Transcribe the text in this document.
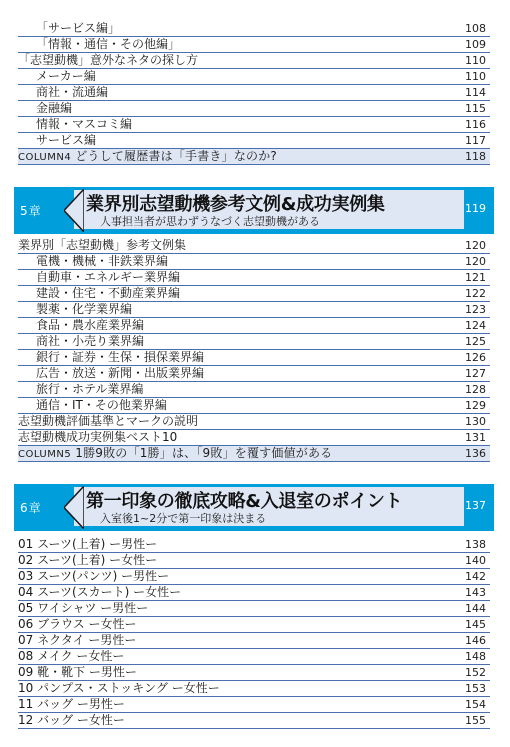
「サービス編」	108
「情報・通信・その他編」	109
「志望動機」意外なネタの探し方	110
メーカー編	110
商社・流通編	114
金融編	115
情報・マスコミ編	116
サービス編	117
COLUMN4 どうして履歴書は「手書き」なのか?	118
5章 業界別志望動機参考文例&成功実例集
人事担当者が思わずうなづく志望動機がある
119
業界別「志望動機」参考文例集	120
電機・機械・非鉄業界編	120
自動車・エネルギー業界編	121
建設・住宅・不動産業界編	122
製薬・化学業界編	123
食品・農水産業界編	124
商社・小売り業界編	125
銀行・証券・生保・損保業界編	126
広告・放送・新聞・出版業界編	127
旅行・ホテル業界編	128
通信・IT・その他業界編	129
志望動機評価基準とマークの説明	130
志望動機成功実例集ベスト10	131
COLUMN5 1勝9敗の「1勝」は、「9敗」を覆す価値がある	136
6章 第一印象の徹底攻略&入退室のポイント
入室後1~2分で第一印象は決まる
137
01 スーツ(上着) ー男性ー	138
02 スーツ(上着) ー女性ー	140
03 スーツ(パンツ) ー男性ー	142
04 スーツ(スカート) ー女性ー	143
05 ワイシャツ ー男性ー	144
06 ブラウス ー女性ー	145
07 ネクタイ ー男性ー	146
08 メイク ー女性ー	148
09 靴・靴下 ー男性ー	152
10 パンプス・ストッキング ー女性ー	153
11 バッグ ー男性ー	154
12 バッグ ー女性ー	155
